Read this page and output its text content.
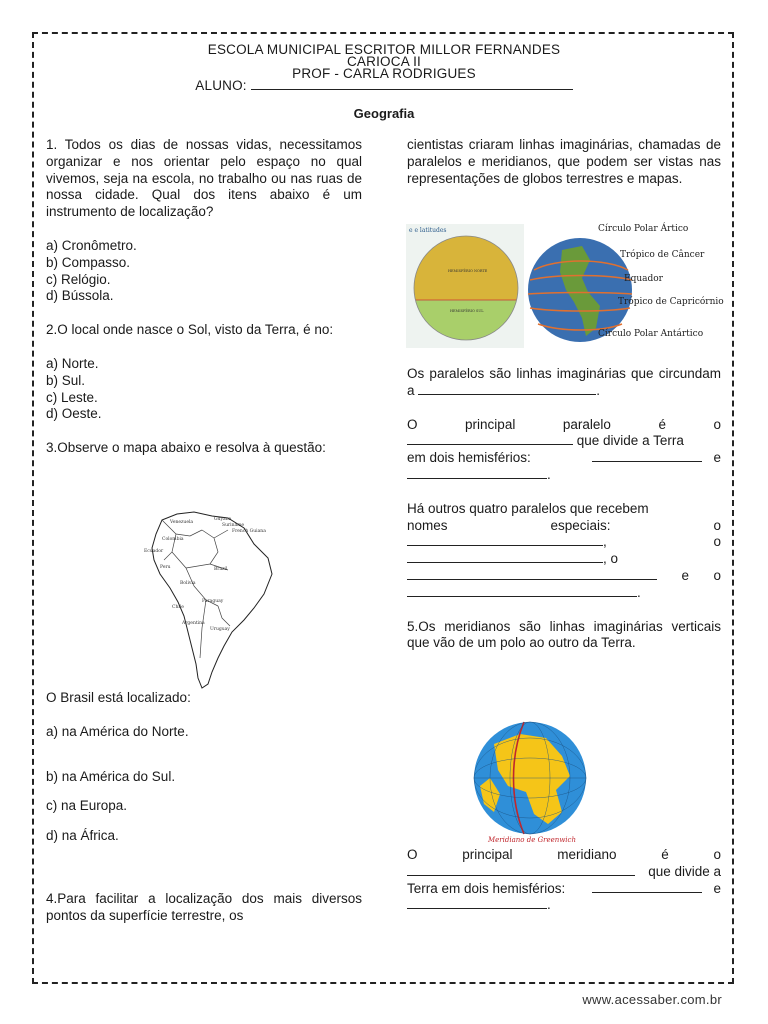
ESCOLA MUNICIPAL ESCRITOR MILLOR FERNANDES
CARIOCA II
PROF - CARLA RODRIGUES
ALUNO:
Geografia

1. Todos os dias de nossas vidas, necessitamos organizar e nos orientar pelo espaço no qual vivemos, seja na escola, no trabalho ou nas ruas de nossa cidade. Qual dos itens abaixo é um instrumento de localização?

a) Cronômetro.

b) Compasso.

c) Relógio.

d) Bússola.

2.O local onde nasce o Sol, visto da Terra, é no:

a) Norte.

b) Sul.

c) Leste.

d) Oeste.

3.Observe o mapa abaixo e resolva à questão:

Venezuela
Guyana
Suriname
French Guiana
Colombia
Ecuador
Peru	Brazil
Bolivia
Paraguay
Chile
Argentina
Uruguay

O Brasil está localizado:

a) na América do Norte.

b) na América do Sul.

c) na Europa.

d) na África.

4.Para facilitar a localização dos mais diversos pontos da superfície terrestre, os

cientistas criaram linhas imaginárias, chamadas de paralelos e meridianos, que podem ser vistas nas representações de globos terrestres e mapas.

e e latitudes
HEMISFÉRIO NORTE
HEMISFÉRIO SUL
Círculo Polar Ártico
Trópico de Câncer
Equador
Trópico de Capricórnio
Círculo Polar Antártico

Os paralelos são linhas imaginárias que circundam a	.

O	principal	paralelo	é	o

que divide a Terra

em dois hemisférios:	e

.

Há outros quatro paralelos que recebem

nomes	especiais:	o

,	o

, o

e o

.

5.Os meridianos são linhas imaginárias verticais que vão de um polo ao outro da Terra.

Meridiano de Greenwich
O	principal	meridiano	é	o

que divide a

Terra em dois hemisférios:	e

.

www.acessaber.com.br
